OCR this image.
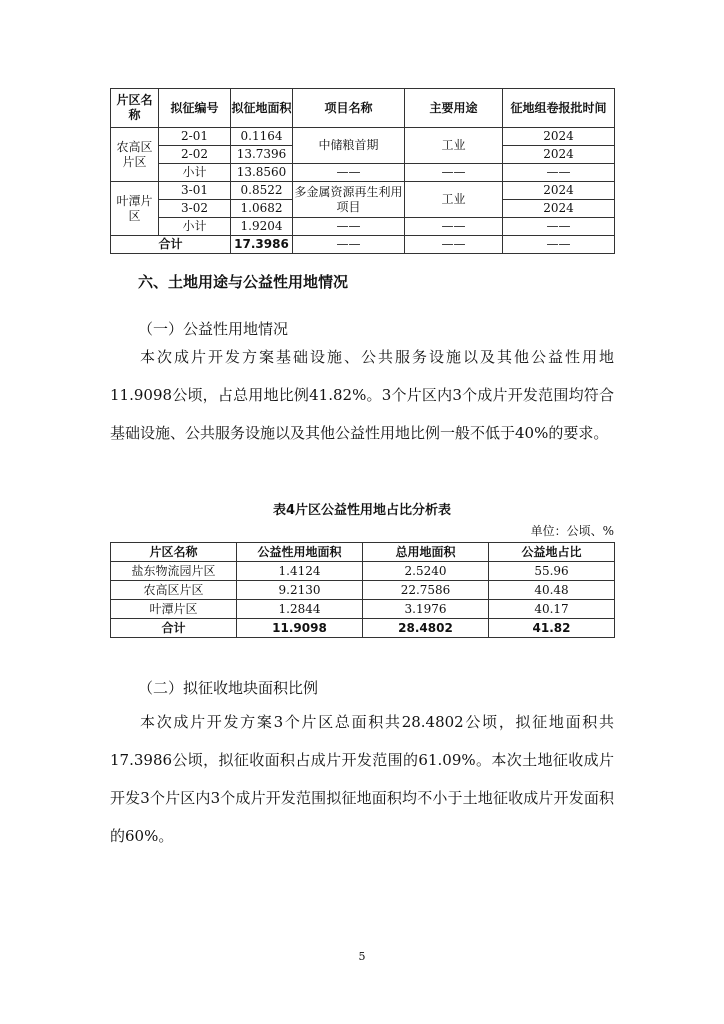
片区名称	拟征编号	拟征地面积	项目名称	主要用途	征地组卷报批时间
农高区片区	2-01	0.1164	中储粮首期	工业	2024
	2-02	13.7396			2024
	小计	13.8560	——	——	——
叶潭片区	3-01	0.8522	多金属资源再生利用项目	工业	2024
	3-02	1.0682			2024
	小计	1.9204	——	——	——
合计		17.3986	——	——	——
六、土地用途与公益性用地情况
（一）公益性用地情况

本次成片开发方案基础设施、公共服务设施以及其他公益性用地11.9098公顷，占总用地比例41.82%。3个片区内3个成片开发范围均符合基础设施、公共服务设施以及其他公益性用地比例一般不低于40%的要求。

表4片区公益性用地占比分析表
单位：公顷、%
片区名称	公益性用地面积	总用地面积	公益地占比
盐东物流园片区	1.4124	2.5240	55.96
农高区片区	9.2130	22.7586	40.48
叶潭片区	1.2844	3.1976	40.17
合计	11.9098	28.4802	41.82
（二）拟征收地块面积比例

本次成片开发方案3个片区总面积共28.4802公顷，拟征地面积共17.3986公顷，拟征收面积占成片开发范围的61.09%。本次土地征收成片开发3个片区内3个成片开发范围拟征地面积均不小于土地征收成片开发面积的60%。

5
